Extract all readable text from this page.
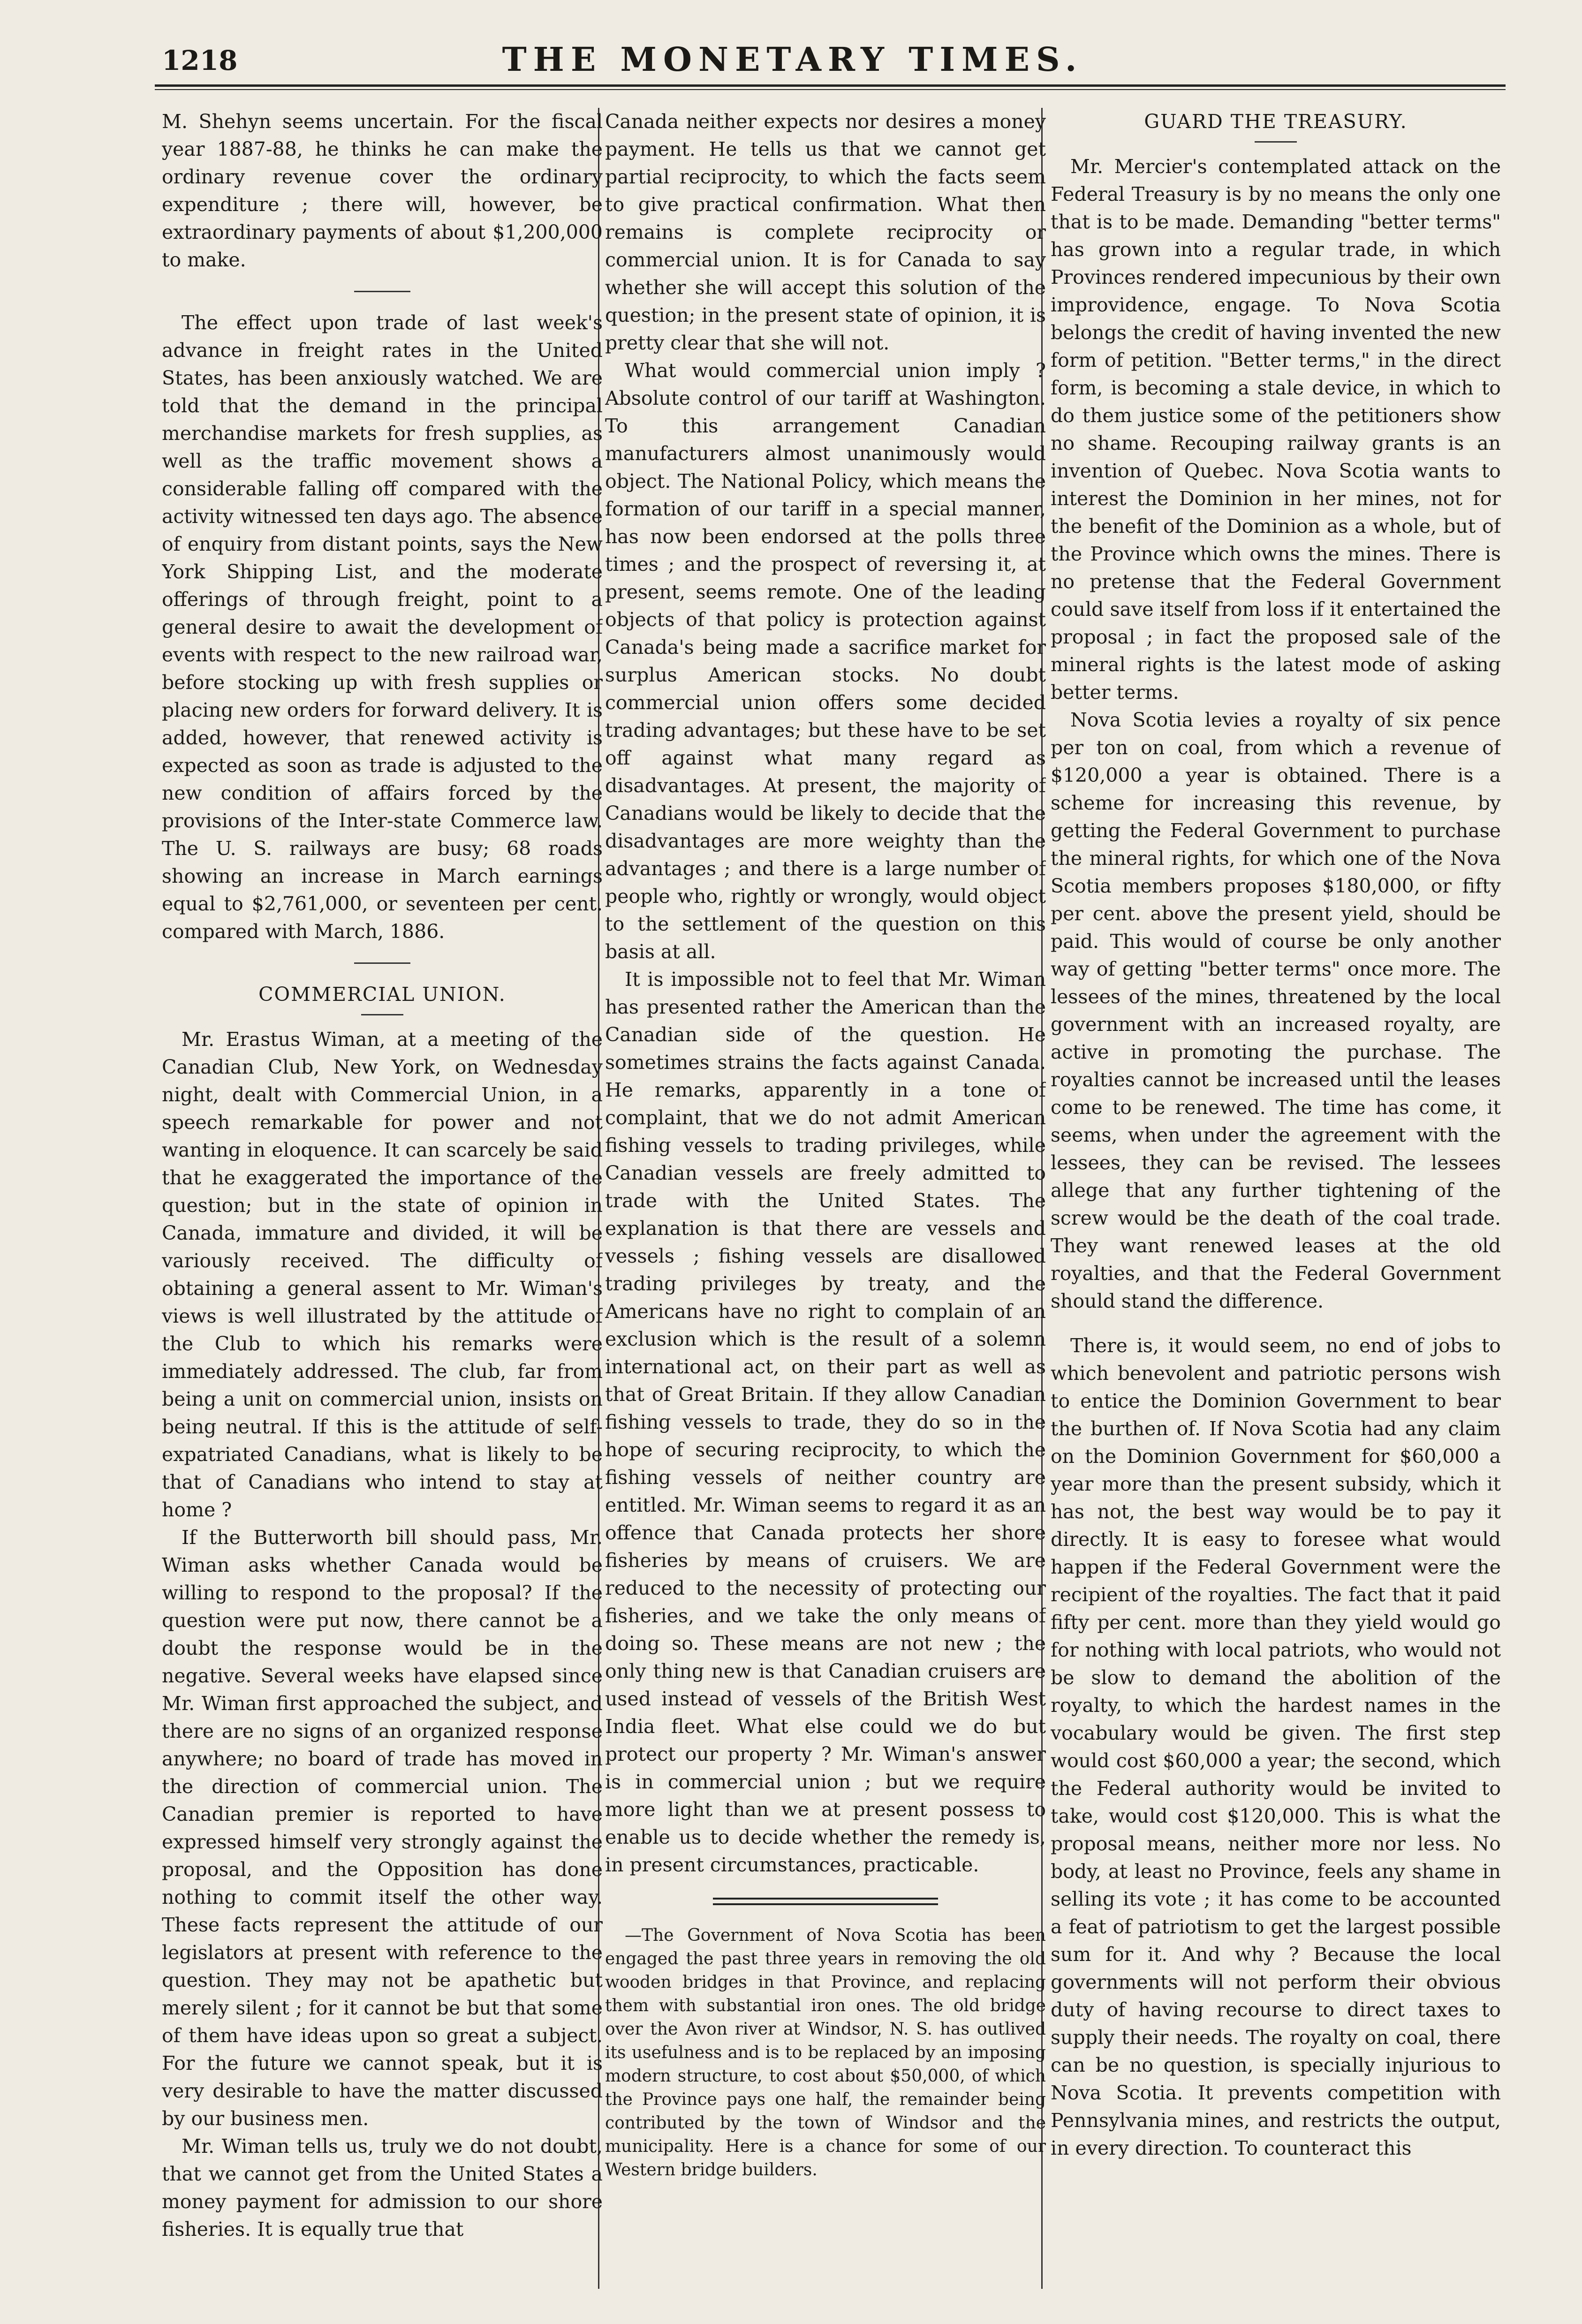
1218	THE MONETARY TIMES.

M. Shehyn seems uncertain. For the fiscal year 1887-88, he thinks he can make the ordinary revenue cover the ordinary expenditure ; there will, however, be extraordinary payments of about $1,200,000 to make.

The effect upon trade of last week's advance in freight rates in the United States, has been anxiously watched. We are told that the demand in the principal merchandise markets for fresh supplies, as well as the traffic movement shows a considerable falling off compared with the activity witnessed ten days ago. The absence of enquiry from distant points, says the New York Shipping List, and the moderate offerings of through freight, point to a general desire to await the development of events with respect to the new railroad war, before stocking up with fresh supplies or placing new orders for forward delivery. It is added, however, that renewed activity is expected as soon as trade is adjusted to the new condition of affairs forced by the provisions of the Inter-state Commerce law. The U. S. railways are busy; 68 roads showing an increase in March earnings equal to $2,761,000, or seventeen per cent. compared with March, 1886.

COMMERCIAL UNION.

Mr. Erastus Wiman, at a meeting of the Canadian Club, New York, on Wednesday night, dealt with Commercial Union, in a speech remarkable for power and not wanting in eloquence. It can scarcely be said that he exaggerated the importance of the question; but in the state of opinion in Canada, immature and divided, it will be variously received. The difficulty of obtaining a general assent to Mr. Wiman's views is well illustrated by the attitude of the Club to which his remarks were immediately addressed. The club, far from being a unit on commercial union, insists on being neutral. If this is the attitude of self-expatriated Canadians, what is likely to be that of Canadians who intend to stay at home ?

If the Butterworth bill should pass, Mr. Wiman asks whether Canada would be willing to respond to the proposal? If the question were put now, there cannot be a doubt the response would be in the negative. Several weeks have elapsed since Mr. Wiman first approached the subject, and there are no signs of an organized response anywhere; no board of trade has moved in the direction of commercial union. The Canadian premier is reported to have expressed himself very strongly against the proposal, and the Opposition has done nothing to commit itself the other way. These facts represent the attitude of our legislators at present with reference to the question. They may not be apathetic but merely silent ; for it cannot be but that some of them have ideas upon so great a subject. For the future we cannot speak, but it is very desirable to have the matter discussed by our business men.

Mr. Wiman tells us, truly we do not doubt, that we cannot get from the United States a money payment for admission to our shore fisheries. It is equally true that

Canada neither expects nor desires a money payment. He tells us that we cannot get partial reciprocity, to which the facts seem to give practical confirmation. What then remains is complete reciprocity or commercial union. It is for Canada to say whether she will accept this solution of the question; in the present state of opinion, it is pretty clear that she will not.

What would commercial union imply ? Absolute control of our tariff at Washington. To this arrangement Canadian manufacturers almost unanimously would object. The National Policy, which means the formation of our tariff in a special manner, has now been endorsed at the polls three times ; and the prospect of reversing it, at present, seems remote. One of the leading objects of that policy is protection against Canada's being made a sacrifice market for surplus American stocks. No doubt commercial union offers some decided trading advantages; but these have to be set off against what many regard as disadvantages. At present, the majority of Canadians would be likely to decide that the disadvantages are more weighty than the advantages ; and there is a large number of people who, rightly or wrongly, would object to the settlement of the question on this basis at all.

It is impossible not to feel that Mr. Wiman has presented rather the American than the Canadian side of the question. He sometimes strains the facts against Canada. He remarks, apparently in a tone of complaint, that we do not admit American fishing vessels to trading privileges, while Canadian vessels are freely admitted to trade with the United States. The explanation is that there are vessels and vessels ; fishing vessels are disallowed trading privileges by treaty, and the Americans have no right to complain of an exclusion which is the result of a solemn international act, on their part as well as that of Great Britain. If they allow Canadian fishing vessels to trade, they do so in the hope of securing reciprocity, to which the fishing vessels of neither country are entitled. Mr. Wiman seems to regard it as an offence that Canada protects her shore fisheries by means of cruisers. We are reduced to the necessity of protecting our fisheries, and we take the only means of doing so. These means are not new ; the only thing new is that Canadian cruisers are used instead of vessels of the British West India fleet. What else could we do but protect our property ? Mr. Wiman's answer is in commercial union ; but we require more light than we at present possess to enable us to decide whether the remedy is, in present circumstances, practicable.

—The Government of Nova Scotia has been engaged the past three years in removing the old wooden bridges in that Province, and replacing them with substantial iron ones. The old bridge over the Avon river at Windsor, N. S. has outlived its usefulness and is to be replaced by an imposing modern structure, to cost about $50,000, of which the Province pays one half, the remainder being contributed by the town of Windsor and the municipality. Here is a chance for some of our Western bridge builders.

GUARD THE TREASURY.

Mr. Mercier's contemplated attack on the Federal Treasury is by no means the only one that is to be made. Demanding "better terms" has grown into a regular trade, in which Provinces rendered impecunious by their own improvidence, engage. To Nova Scotia belongs the credit of having invented the new form of petition. "Better terms," in the direct form, is becoming a stale device, in which to do them justice some of the petitioners show no shame. Recouping railway grants is an invention of Quebec. Nova Scotia wants to interest the Dominion in her mines, not for the benefit of the Dominion as a whole, but of the Province which owns the mines. There is no pretense that the Federal Government could save itself from loss if it entertained the proposal ; in fact the proposed sale of the mineral rights is the latest mode of asking better terms.

Nova Scotia levies a royalty of six pence per ton on coal, from which a revenue of $120,000 a year is obtained. There is a scheme for increasing this revenue, by getting the Federal Government to purchase the mineral rights, for which one of the Nova Scotia members proposes $180,000, or fifty per cent. above the present yield, should be paid. This would of course be only another way of getting "better terms" once more. The lessees of the mines, threatened by the local government with an increased royalty, are active in promoting the purchase. The royalties cannot be increased until the leases come to be renewed. The time has come, it seems, when under the agreement with the lessees, they can be revised. The lessees allege that any further tightening of the screw would be the death of the coal trade. They want renewed leases at the old royalties, and that the Federal Government should stand the difference.

There is, it would seem, no end of jobs to which benevolent and patriotic persons wish to entice the Dominion Government to bear the burthen of. If Nova Scotia had any claim on the Dominion Government for $60,000 a year more than the present subsidy, which it has not, the best way would be to pay it directly. It is easy to foresee what would happen if the Federal Government were the recipient of the royalties. The fact that it paid fifty per cent. more than they yield would go for nothing with local patriots, who would not be slow to demand the abolition of the royalty, to which the hardest names in the vocabulary would be given. The first step would cost $60,000 a year; the second, which the Federal authority would be invited to take, would cost $120,000. This is what the proposal means, neither more nor less. No body, at least no Province, feels any shame in selling its vote ; it has come to be accounted a feat of patriotism to get the largest possible sum for it. And why ? Because the local governments will not perform their obvious duty of having recourse to direct taxes to supply their needs. The royalty on coal, there can be no question, is specially injurious to Nova Scotia. It prevents competition with Pennsylvania mines, and restricts the output, in every direction. To counteract this
